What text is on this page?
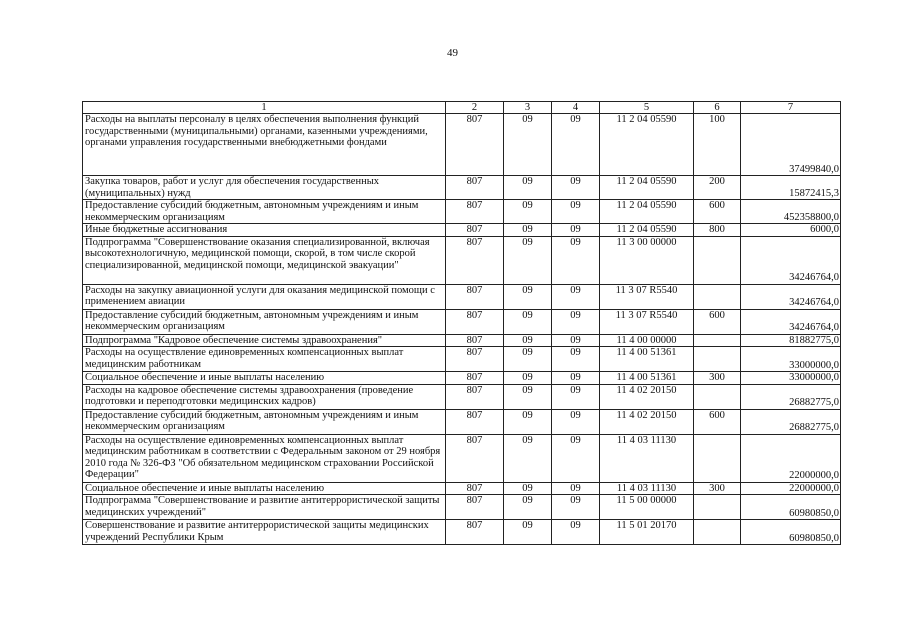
49
1	2	3	4	5	6	7
Расходы на выплаты персоналу в целях обеспечения выполнения функций государственными (муниципальными) органами, казенными учреждениями, органами управления государственными внебюджетными фондами	807	09	09	11 2 04 05590	100	37499840,0
Закупка товаров, работ и услуг для обеспечения государственных (муниципальных) нужд	807	09	09	11 2 04 05590	200	15872415,3
Предоставление субсидий бюджетным, автономным учреждениям и иным некоммерческим организациям	807	09	09	11 2 04 05590	600	452358800,0
Иные бюджетные ассигнования	807	09	09	11 2 04 05590	800	6000,0
Подпрограмма "Совершенствование оказания специализированной, включая высокотехнологичную, медицинской помощи, скорой, в том числе скорой специализированной, медицинской помощи, медицинской эвакуации"	807	09	09	11 3 00 00000		34246764,0
Расходы на закупку авиационной услуги для оказания медицинской помощи с применением авиации	807	09	09	11 3 07 R5540		34246764,0
Предоставление субсидий бюджетным, автономным учреждениям и иным некоммерческим организациям	807	09	09	11 3 07 R5540	600	34246764,0
Подпрограмма "Кадровое обеспечение системы здравоохранения"	807	09	09	11 4 00 00000		81882775,0
Расходы на осуществление единовременных компенсационных выплат медицинским работникам	807	09	09	11 4 00 51361		33000000,0
Социальное обеспечение и иные выплаты населению	807	09	09	11 4 00 51361	300	33000000,0
Расходы на кадровое обеспечение системы здравоохранения (проведение подготовки и переподготовки медицинских кадров)	807	09	09	11 4 02 20150		26882775,0
Предоставление субсидий бюджетным, автономным учреждениям и иным некоммерческим организациям	807	09	09	11 4 02 20150	600	26882775,0
Расходы на осуществление единовременных компенсационных выплат медицинским работникам в соответствии с Федеральным законом от 29 ноября 2010 года № 326-ФЗ "Об обязательном медицинском страховании Российской Федерации"	807	09	09	11 4 03 11130		22000000,0
Социальное обеспечение и иные выплаты населению	807	09	09	11 4 03 11130	300	22000000,0
Подпрограмма "Совершенствование и развитие антитеррористической защиты медицинских учреждений"	807	09	09	11 5 00 00000		60980850,0
Совершенствование и развитие антитеррористической защиты медицинских учреждений Республики Крым	807	09	09	11 5 01 20170		60980850,0
